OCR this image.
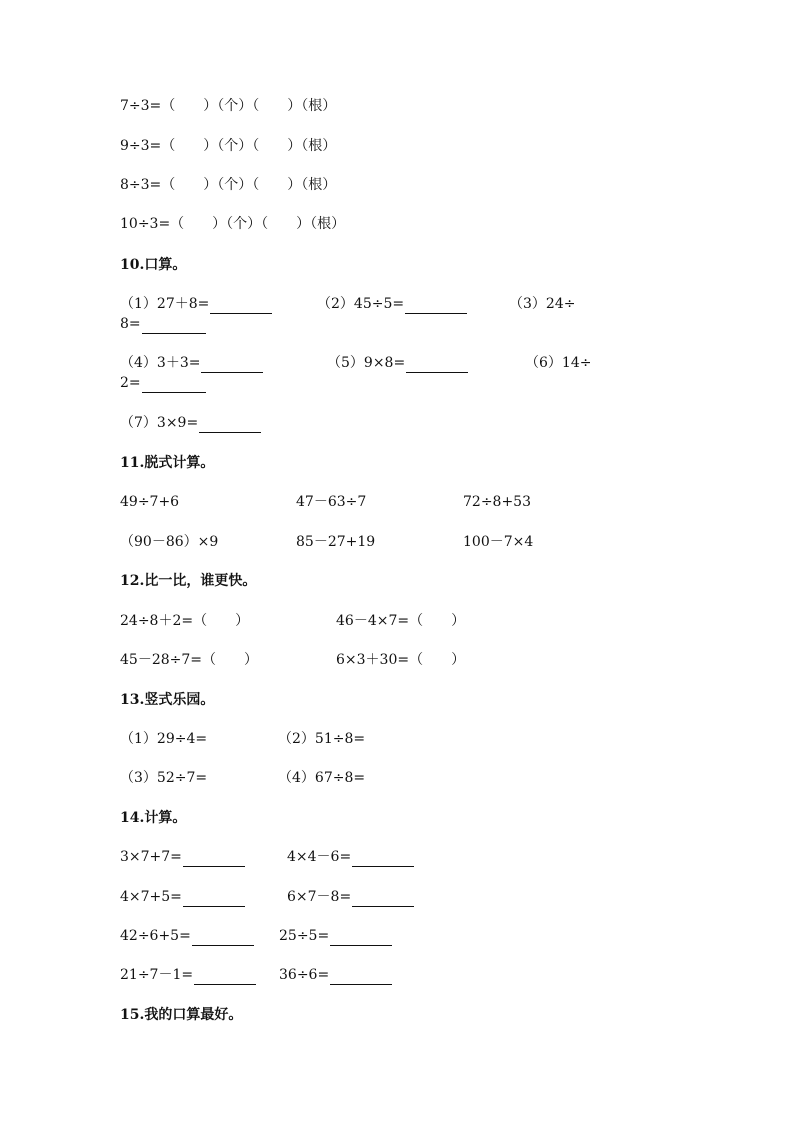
7÷3=（　　）（个）（　　）（根）
9÷3=（　　）（个）（　　）（根）
8÷3=（　　）（个）（　　）（根）
10÷3=（　　）（个）（　　）（根）
10.口算。
（1）27＋8=	（2）45÷5=	（3）24÷
8=
（4）3＋3=	（5）9×8=	（6）14÷
2=
（7）3×9=
11.脱式计算。
49÷7+6	47－63÷7	72÷8+53
（90－86）×9	85－27+19	100－7×4
12.比一比，谁更快。
24÷8＋2=（　　）	46－4×7=（　　）
45－28÷7=（　　）	6×3＋30=（　　）
13.竖式乐园。
（1）29÷4=	（2）51÷8=
（3）52÷7=	（4）67÷8=
14.计算。
3×7+7=	4×4－6=
4×7+5=	6×7－8=
42÷6+5=	25÷5=
21÷7－1=	36÷6=
15.我的口算最好。
